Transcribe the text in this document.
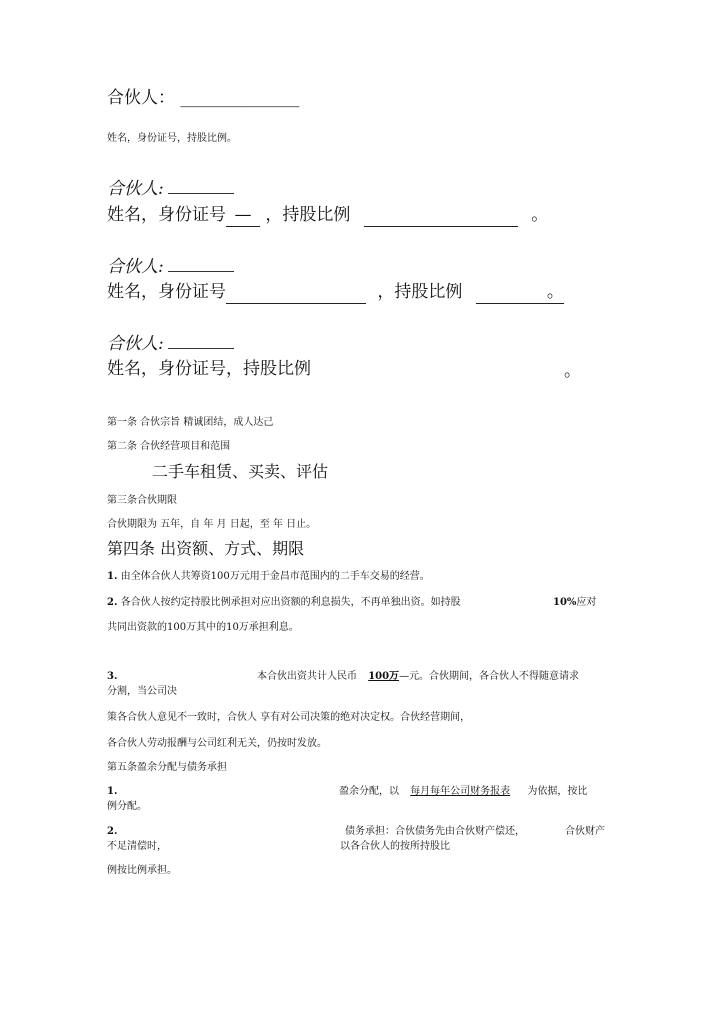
合伙人： ______________
姓名，身份证号，持股比例。
合伙人:
姓名，身份证号 — ，持股比例	。
合伙人:
姓名，身份证号	，持股比例	。
合伙人:
姓名，身份证号，持股比例	。
第一条 合伙宗旨 精诚团结，成人达己
第二条 合伙经营项目和范围
二手车租赁、买卖、评估
第三条合伙期限
合伙期限为 五年，自 年 月 日起，至 年 日止。
第四条 出资额、方式、期限
1. 由全体合伙人共筹资100万元用于金昌市范围内的二手车交易的经营。
2. 各合伙人按约定持股比例承担对应出资额的利息损失，不再单独出资。如持股	10%应对
共同出资款的100万其中的10万承担利息。
3.	本合伙出资共计人民币 100万—元。合伙期间，各合伙人不得随意请求
分割，当公司决
策各合伙人意见不一致时，合伙人 享有对公司决策的绝对决定权。合伙经营期间，
各合伙人劳动报酬与公司红利无关，仍按时发放。
第五条盈余分配与债务承担
1.	盈余分配，以 每月每年公司财务报表 为依据，按比
例分配。
2.	债务承担：合伙债务先由合伙财产偿还，	合伙财产
不足清偿时，	以各合伙人的按所持股比
例按比例承担。
